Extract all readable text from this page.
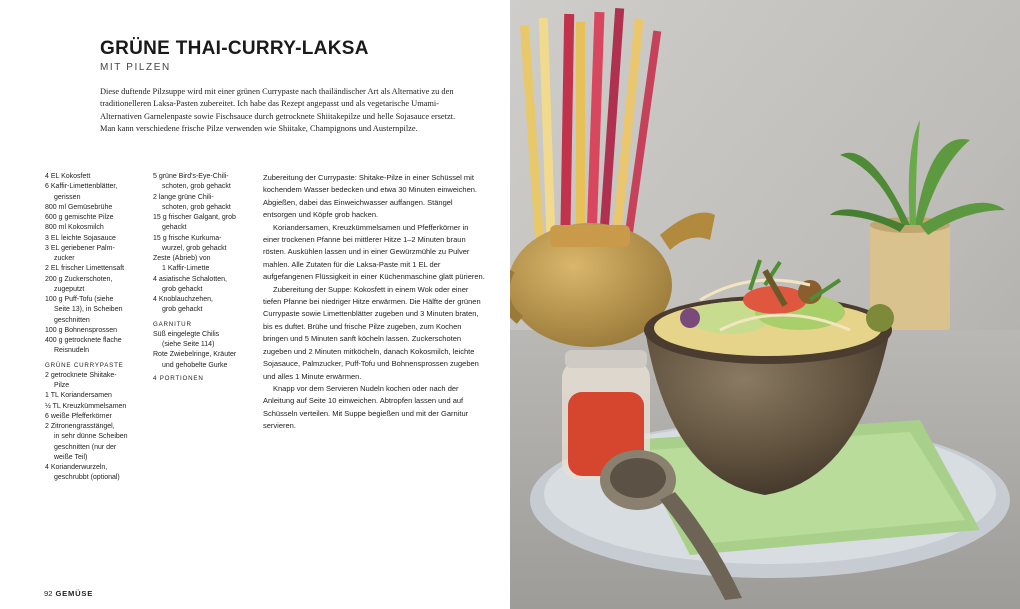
GRÜNE THAI-CURRY-LAKSA
MIT PILZEN

Diese duftende Pilzsuppe wird mit einer grünen Currypaste nach thailändischer Art als Alternative zu den traditionelleren Laksa-Pasten zubereitet. Ich habe das Rezept angepasst und als vegetarische Umami-Alternativen Garnelenpaste sowie Fischsauce durch getrocknete Shiitakepilze und helle Sojasauce ersetzt. Man kann verschiedene frische Pilze verwenden wie Shiitake, Champignons und Austernpilze.

4 EL Kokosfett
6 Kaffir-Limettenblätter,
gerissen
800 ml Gemüsebrühe
600 g gemischte Pilze
800 ml Kokosmilch
3 EL leichte Sojasauce
3 EL geriebener Palm-
zucker
2 EL frischer Limettensaft
200 g Zuckerschoten,
zugeputzt
100 g Puff-Tofu (siehe
Seite 13), in Scheiben
geschnitten
100 g Bohnensprossen
400 g getrocknete flache
Reisnudeln
GRÜNE CURRYPASTE
2 getrocknete Shiitake-
Pilze
1 TL Koriandersamen
½ TL Kreuzkümmelsamen
6 weiße Pfefferkörner
2 Zitronengrasstängel,
in sehr dünne Scheiben
geschnitten (nur der
weiße Teil)
4 Korianderwurzeln,
geschrubbt (optional)
5 grüne Bird's-Eye-Chili-
schoten, grob gehackt
2 lange grüne Chili-
schoten, grob gehackt
15 g frischer Galgant, grob
gehackt
15 g frische Kurkuma-
wurzel, grob gehackt
Zeste (Abrieb) von
1 Kaffir-Limette
4 asiatische Schalotten,
grob gehackt
4 Knoblauchzehen,
grob gehackt
GARNITUR
Süß eingelegte Chilis
(siehe Seite 114)
Rote Zwiebelringe, Kräuter
und gehobelte Gurke
4 PORTIONEN

Zubereitung der Currypaste: Shitake-Pilze in einer Schüssel mit kochendem Wasser bedecken und etwa 30 Minuten einweichen. Abgießen, dabei das Einweichwasser auffangen. Stängel entsorgen und Köpfe grob hacken.

Koriandersamen, Kreuzkümmelsamen und Pfefferkörner in einer trockenen Pfanne bei mittlerer Hitze 1–2 Minuten braun rösten. Auskühlen lassen und in einer Gewürzmühle zu Pulver mahlen. Alle Zutaten für die Laksa-Paste mit 1 EL der aufgefangenen Flüssigkeit in einer Küchenmaschine glatt pürieren.

Zubereitung der Suppe: Kokosfett in einem Wok oder einer tiefen Pfanne bei niedriger Hitze erwärmen. Die Hälfte der grünen Currypaste sowie Limettenblätter zugeben und 3 Minuten braten, bis es duftet. Brühe und frische Pilze zugeben, zum Kochen bringen und 5 Minuten sanft köcheln lassen. Zuckerschoten zugeben und 2 Minuten mitköcheln, danach Kokosmilch, leichte Sojasauce, Palmzucker, Puff-Tofu und Bohnensprossen zugeben und alles 1 Minute erwärmen.

Knapp vor dem Servieren Nudeln kochen oder nach der Anleitung auf Seite 10 einweichen. Abtropfen lassen und auf Schüsseln verteilen. Mit Suppe begießen und mit der Garnitur servieren.

92 GEMÜSE
